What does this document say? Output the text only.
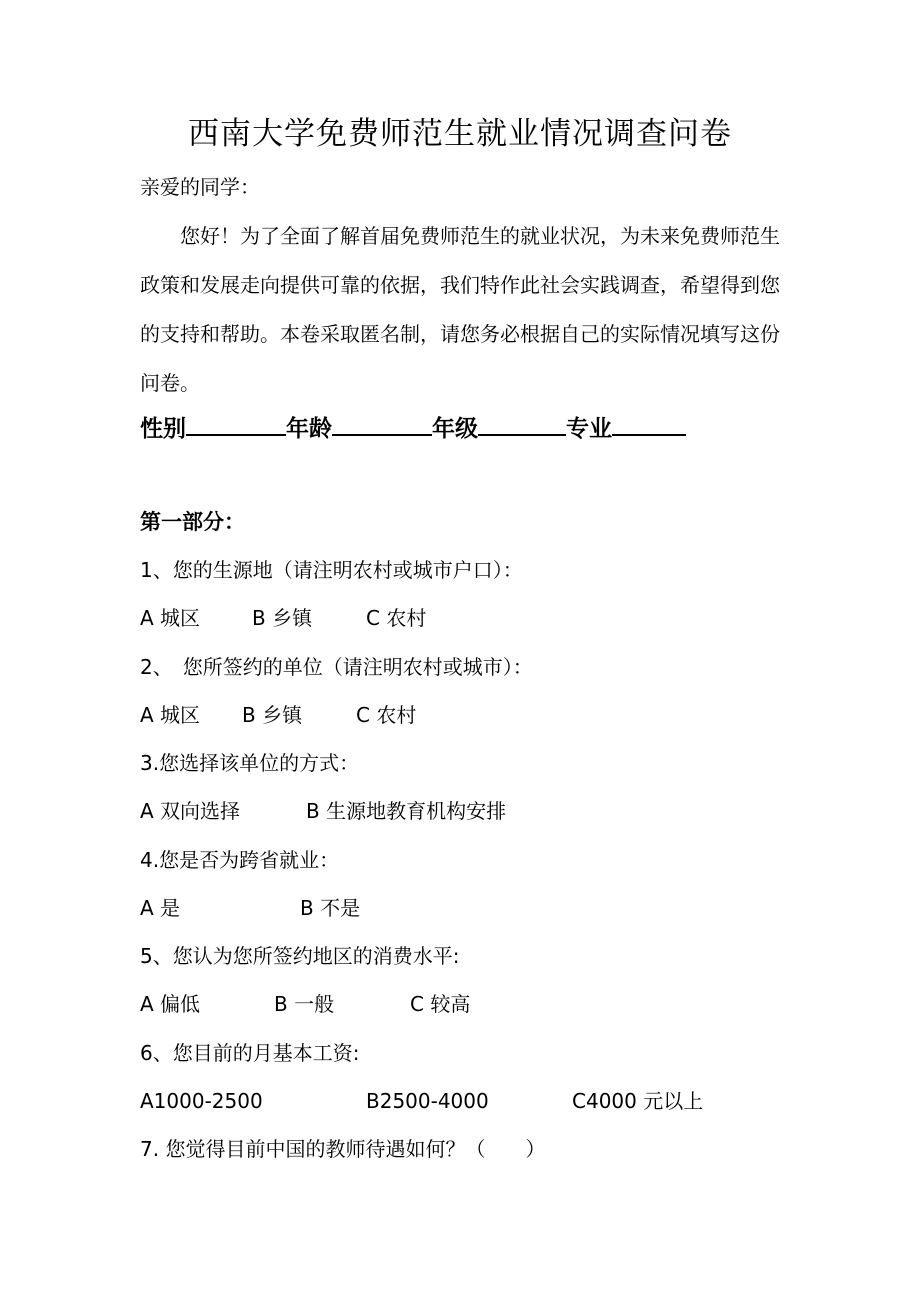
西南大学免费师范生就业情况调查问卷
亲爱的同学：
您好！为了全面了解首届免费师范生的就业状况，为未来免费师范生政策和发展走向提供可靠的依据，我们特作此社会实践调查，希望得到您的支持和帮助。本卷采取匿名制，请您务必根据自己的实际情况填写这份问卷。
性别	年龄	年级	专业
第一部分：
1、您的生源地（请注明农村或城市户口）：
A 城区	B 乡镇	C 农村
2、　您所签约的单位（请注明农村或城市）：
A 城区 B 乡镇	C 农村
3.您选择该单位的方式：
A 双向选择	B 生源地教育机构安排
4.您是否为跨省就业：
A 是	B 不是
5、您认为您所签约地区的消费水平:
A 偏低	B 一般	C 较高
6、您目前的月基本工资:
A1000-2500	B2500-4000	C4000 元以上
7. 您觉得目前中国的教师待遇如何？（　　）
